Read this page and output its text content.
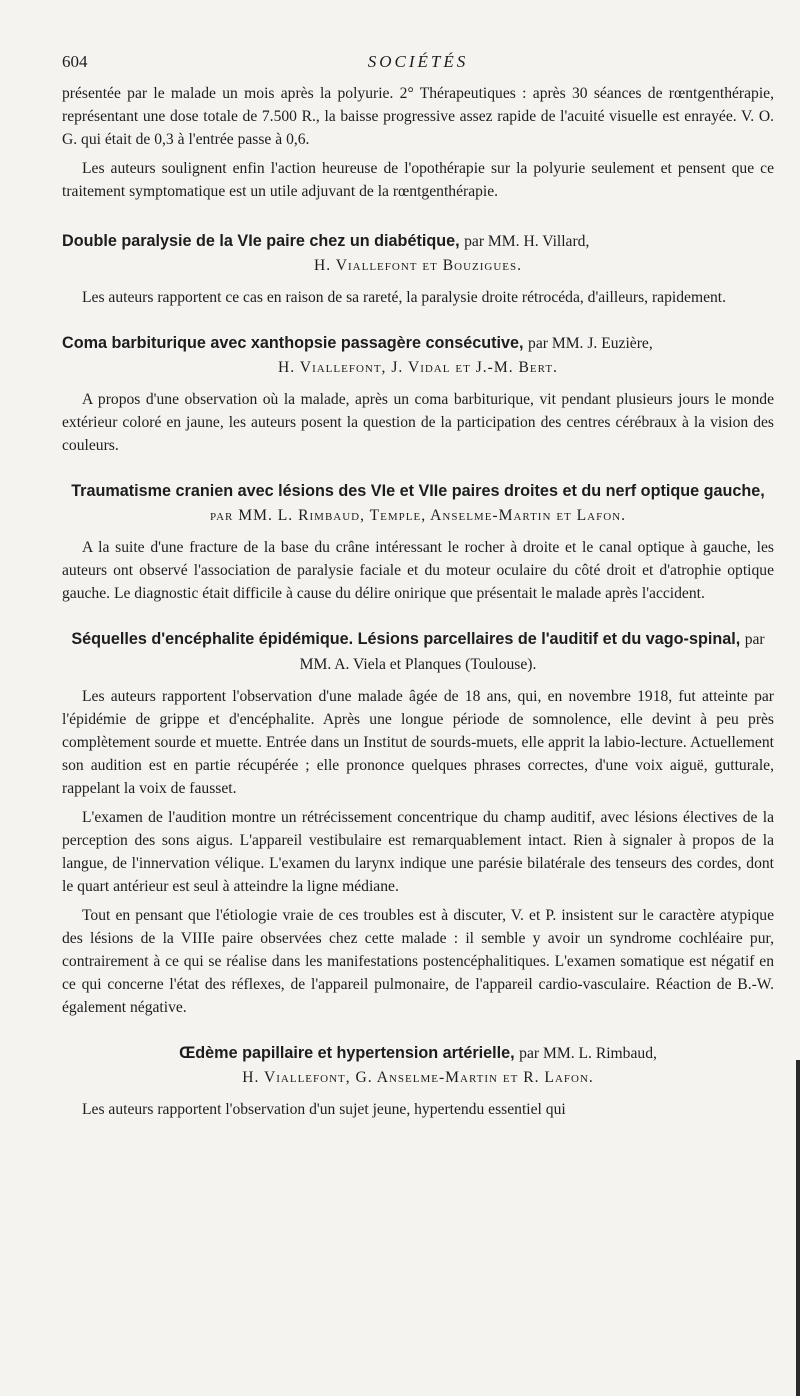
604	SOCIÉTÉS

présentée par le malade un mois après la polyurie. 2° Thérapeutiques : après 30 séances de rœntgenthérapie, représentant une dose totale de 7.500 R., la baisse progressive assez rapide de l'acuité visuelle est enrayée. V. O. G. qui était de 0,3 à l'entrée passe à 0,6.

Les auteurs soulignent enfin l'action heureuse de l'opothérapie sur la polyurie seulement et pensent que ce traitement symptomatique est un utile adjuvant de la rœntgenthérapie.

Double paralysie de la VIe paire chez un diabétique, par MM. H. Villard,
H. Viallefont et Bouzigues.

Les auteurs rapportent ce cas en raison de sa rareté, la paralysie droite rétrocéda, d'ailleurs, rapidement.

Coma barbiturique avec xanthopsie passagère consécutive, par MM. J. Euzière,
H. Viallefont, J. Vidal et J.-M. Bert.

A propos d'une observation où la malade, après un coma barbiturique, vit pendant plusieurs jours le monde extérieur coloré en jaune, les auteurs posent la question de la participation des centres cérébraux à la vision des couleurs.

Traumatisme cranien avec lésions des VIe et VIIe paires droites et du nerf optique gauche, par MM. L. Rimbaud, Temple, Anselme-Martin et Lafon.

A la suite d'une fracture de la base du crâne intéressant le rocher à droite et le canal optique à gauche, les auteurs ont observé l'association de paralysie faciale et du moteur oculaire du côté droit et d'atrophie optique gauche. Le diagnostic était difficile à cause du délire onirique que présentait le malade après l'accident.

Séquelles d'encéphalite épidémique. Lésions parcellaires de l'auditif et du vago-spinal, par MM. A. Viela et Planques (Toulouse).

Les auteurs rapportent l'observation d'une malade âgée de 18 ans, qui, en novembre 1918, fut atteinte par l'épidémie de grippe et d'encéphalite. Après une longue période de somnolence, elle devint à peu près complètement sourde et muette. Entrée dans un Institut de sourds-muets, elle apprit la labio-lecture. Actuellement son audition est en partie récupérée ; elle prononce quelques phrases correctes, d'une voix aiguë, gutturale, rappelant la voix de fausset.

L'examen de l'audition montre un rétrécissement concentrique du champ auditif, avec lésions électives de la perception des sons aigus. L'appareil vestibulaire est remarquablement intact. Rien à signaler à propos de la langue, de l'innervation vélique. L'examen du larynx indique une parésie bilatérale des tenseurs des cordes, dont le quart antérieur est seul à atteindre la ligne médiane.

Tout en pensant que l'étiologie vraie de ces troubles est à discuter, V. et P. insistent sur le caractère atypique des lésions de la VIIIe paire observées chez cette malade : il semble y avoir un syndrome cochléaire pur, contrairement à ce qui se réalise dans les manifestations postencéphalitiques. L'examen somatique est négatif en ce qui concerne l'état des réflexes, de l'appareil pulmonaire, de l'appareil cardio-vasculaire. Réaction de B.-W. également négative.

Œdème papillaire et hypertension artérielle, par MM. L. Rimbaud,
H. Viallefont, G. Anselme-Martin et R. Lafon.

Les auteurs rapportent l'observation d'un sujet jeune, hypertendu essentiel qui
